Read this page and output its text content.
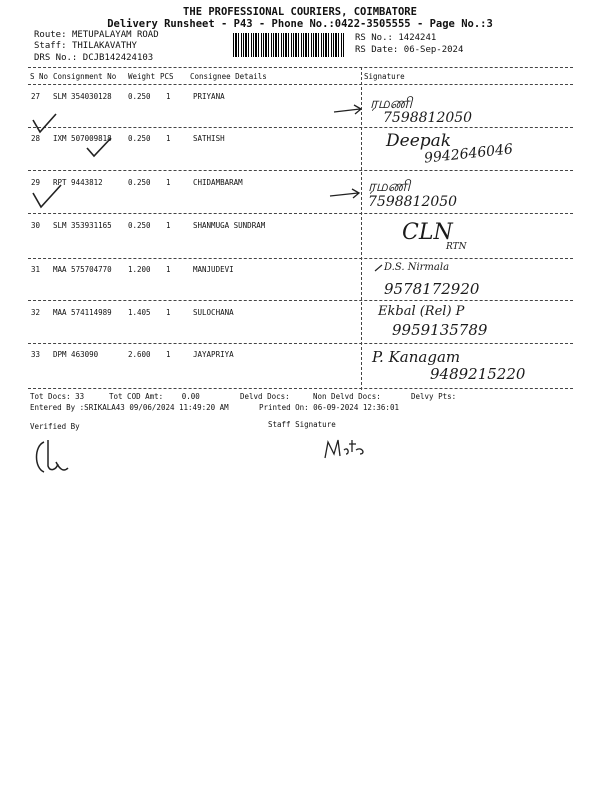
THE PROFESSIONAL COURIERS, COIMBATORE
Delivery Runsheet - P43 - Phone No.:0422-3505555 - Page No.:3
Route: METUPALAYAM ROAD
Staff: THILAKAVATHY
DRS No.: DCJB142424103
RS No.: 1424241
RS Date: 06-Sep-2024
S No Consignment No Weight PCS Consignee Details	Signature
27 SLM 354030128 0.250 1	PRIYANA	ரமணி
7598812050
28 IXM 507009818 0.250 1	SATHISH	Deepak
9942646046
29 RPT 9443812	0.250 1	CHIDAMBARAM	ரமணி
7598812050
30 SLM 353931165 0.250 1	SHANMUGA SUNDRAM	CLN
RTN
31 MAA 575704770 1.200 1	MANJUDEVI	D.S. Nirmala
9578172920
32 MAA 574114989 1.405 1	SULOCHANA	Ekbal (Rel) P
9959135789
33 DPM 463090	2.600 1	JAYAPRIYA	P. Kanagam
9489215220
Tot Docs: 33	Tot COD Amt: 0.00	Delvd Docs:	Non Delvd Docs:	Delvy Pts:
Entered By :SRIKALA43 09/06/2024 11:49:20 AM	Printed On: 06-09-2024 12:36:01
Verified By	Staff Signature
